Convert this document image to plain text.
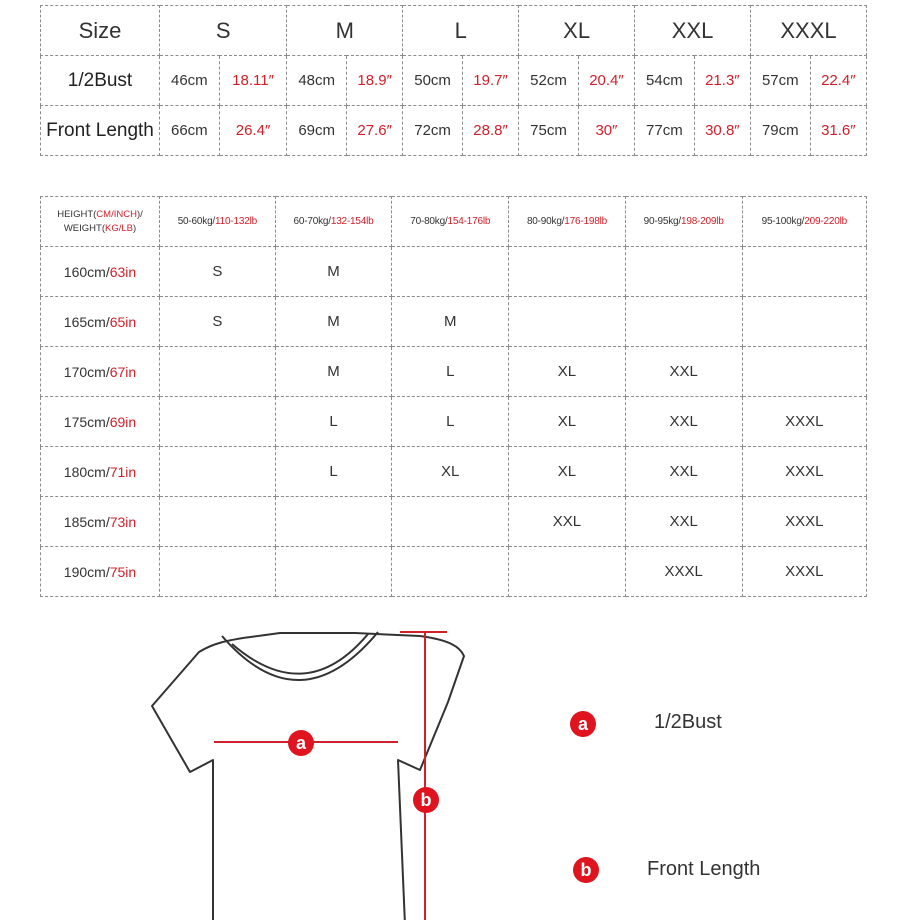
Size	S		M		L		XL		XXL		XXXL	
1/2Bust	46cm	18.11″	48cm	18.9″	50cm	19.7″	52cm	20.4″	54cm	21.3″	57cm	22.4″
Front Length	66cm	26.4″	69cm	27.6″	72cm	28.8″	75cm	30″	77cm	30.8″	79cm	31.6″
HEIGHT(CM/INCH)/
WEIGHT(KG/LB)	50-60kg/110-132lb	60-70kg/132-154lb	70-80kg/154-176lb	80-90kg/176-198lb	90-95kg/198-209lb	95-100kg/209-220lb
160cm/63in	S	M				
165cm/65in	S	M	M			
170cm/67in		M	L	XL	XXL	
175cm/69in		L	L	XL	XXL	XXXL
180cm/71in		L	XL	XL	XXL	XXXL
185cm/73in				XXL	XXL	XXXL
190cm/75in					XXXL	XXXL
a
b
a
b
1/2Bust
Front Length
